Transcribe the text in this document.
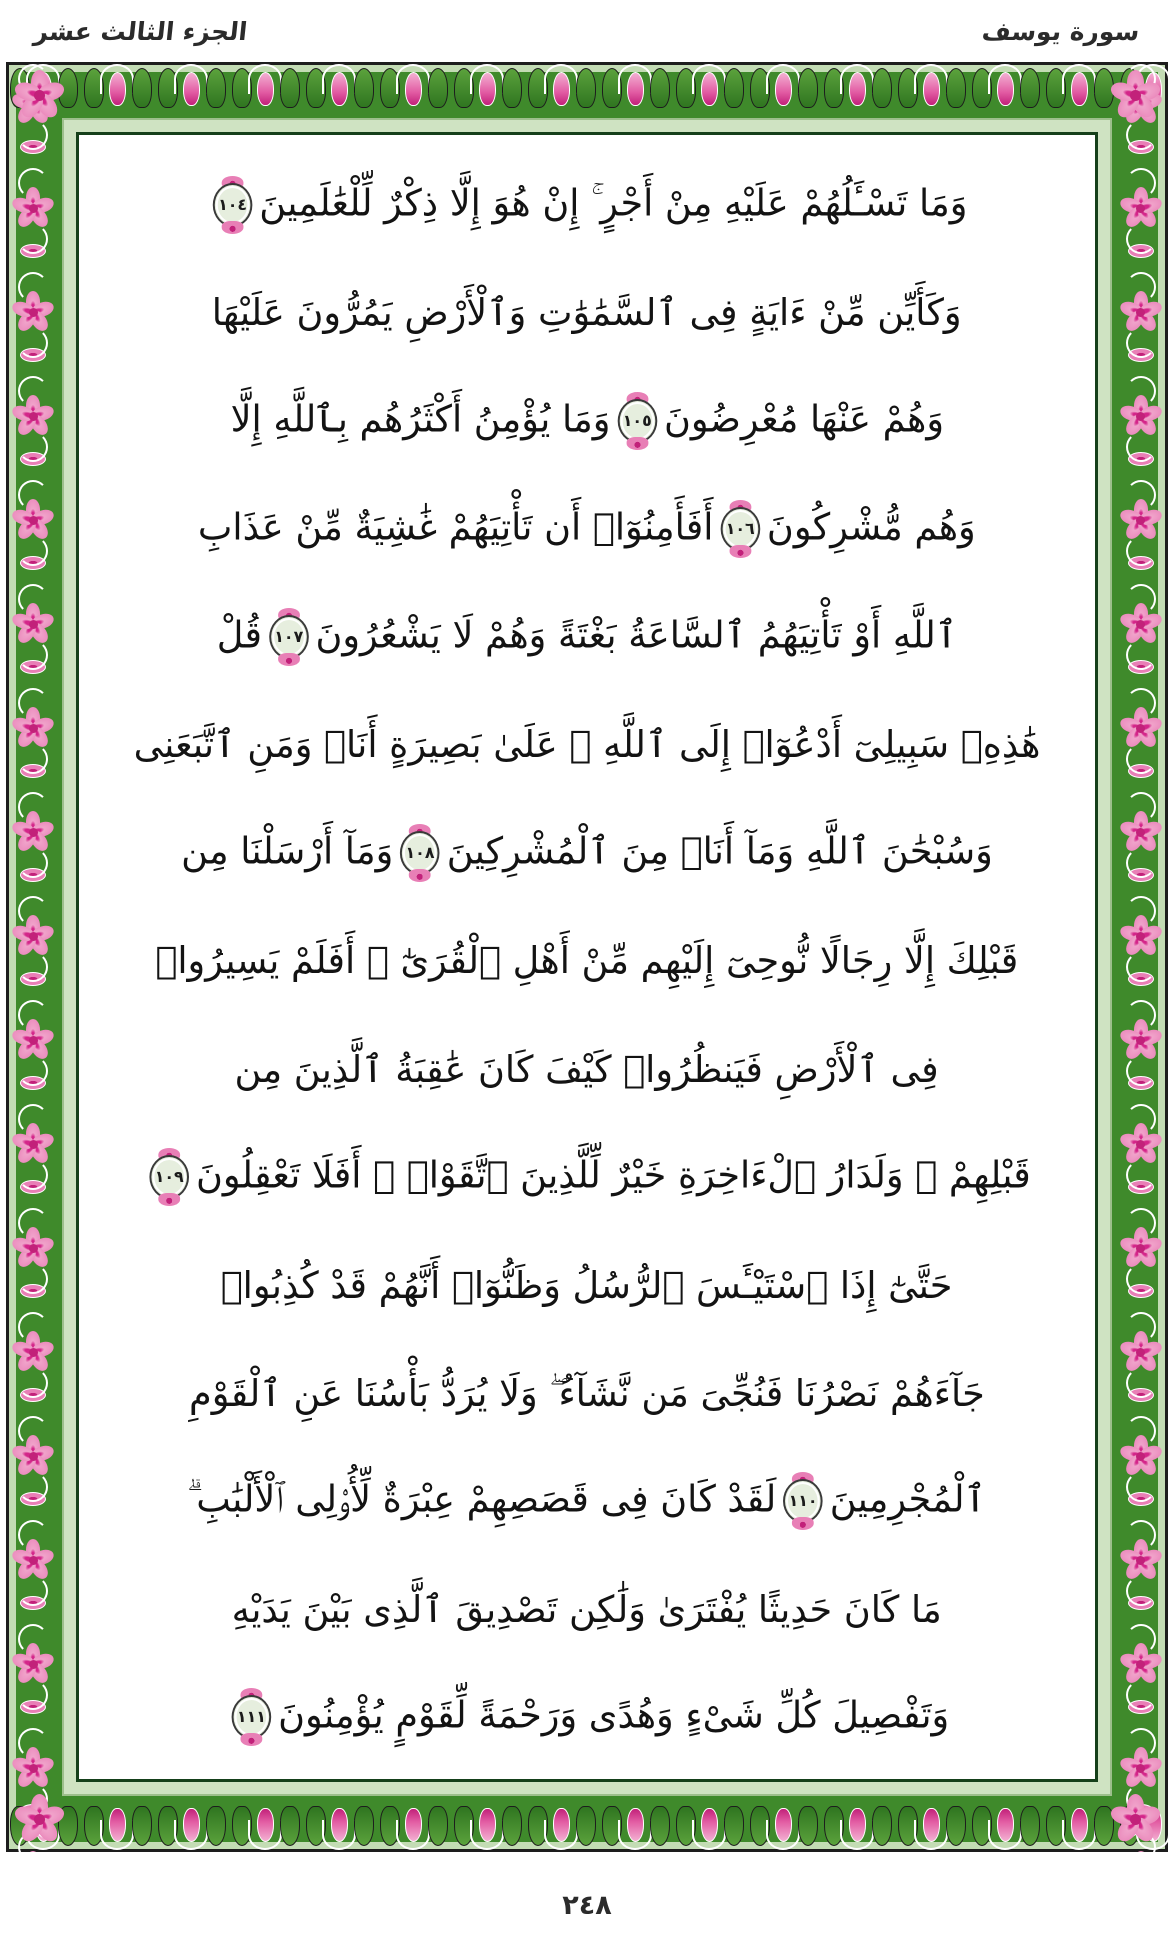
سورة يوسف
الجزء الثالث عشر
وَمَا تَسْـَٔلُهُمْ عَلَيْهِ مِنْ أَجْرٍ ۚ إِنْ هُوَ إِلَّا ذِكْرٌ لِّلْعَٰلَمِينَ
١٠٤
وَكَأَيِّن مِّنْ ءَايَةٍ فِى ٱلسَّمَٰوَٰتِ وَٱلْأَرْضِ يَمُرُّونَ عَلَيْهَا
وَهُمْ عَنْهَا مُعْرِضُونَ
١٠٥
وَمَا يُؤْمِنُ أَكْثَرُهُم بِٱللَّهِ إِلَّا
وَهُم مُّشْرِكُونَ
١٠٦
أَفَأَمِنُوٓا۟ أَن تَأْتِيَهُمْ غَٰشِيَةٌ مِّنْ عَذَابِ
ٱللَّهِ أَوْ تَأْتِيَهُمُ ٱلسَّاعَةُ بَغْتَةً وَهُمْ لَا يَشْعُرُونَ
١٠٧
قُلْ
هَٰذِهِۦ سَبِيلِىٓ أَدْعُوٓا۟ إِلَى ٱللَّهِ ۚ عَلَىٰ بَصِيرَةٍ أَنَا۠ وَمَنِ ٱتَّبَعَنِى
وَسُبْحَٰنَ ٱللَّهِ وَمَآ أَنَا۠ مِنَ ٱلْمُشْرِكِينَ
١٠٨
وَمَآ أَرْسَلْنَا مِن
قَبْلِكَ إِلَّا رِجَالًا نُّوحِىٓ إِلَيْهِم مِّنْ أَهْلِ ٱلْقُرَىٰٓ ۗ أَفَلَمْ يَسِيرُوا۟
فِى ٱلْأَرْضِ فَيَنظُرُوا۟ كَيْفَ كَانَ عَٰقِبَةُ ٱلَّذِينَ مِن
قَبْلِهِمْ ۗ وَلَدَارُ ٱلْءَاخِرَةِ خَيْرٌ لِّلَّذِينَ ٱتَّقَوْا۟ ۗ أَفَلَا تَعْقِلُونَ
١٠٩
حَتَّىٰٓ إِذَا ٱسْتَيْـَٔسَ ٱلرُّسُلُ وَظَنُّوٓا۟ أَنَّهُمْ قَدْ كُذِبُوا۟
جَآءَهُمْ نَصْرُنَا فَنُجِّىَ مَن نَّشَآءُ ۖ وَلَا يُرَدُّ بَأْسُنَا عَنِ ٱلْقَوْمِ
ٱلْمُجْرِمِينَ
١١٠
لَقَدْ كَانَ فِى قَصَصِهِمْ عِبْرَةٌ لِّأُو۟لِى ٱلْأَلْبَٰبِ ۗ
مَا كَانَ حَدِيثًا يُفْتَرَىٰ وَلَٰكِن تَصْدِيقَ ٱلَّذِى بَيْنَ يَدَيْهِ
وَتَفْصِيلَ كُلِّ شَىْءٍ وَهُدًى وَرَحْمَةً لِّقَوْمٍ يُؤْمِنُونَ
١١١
٢٤٨
